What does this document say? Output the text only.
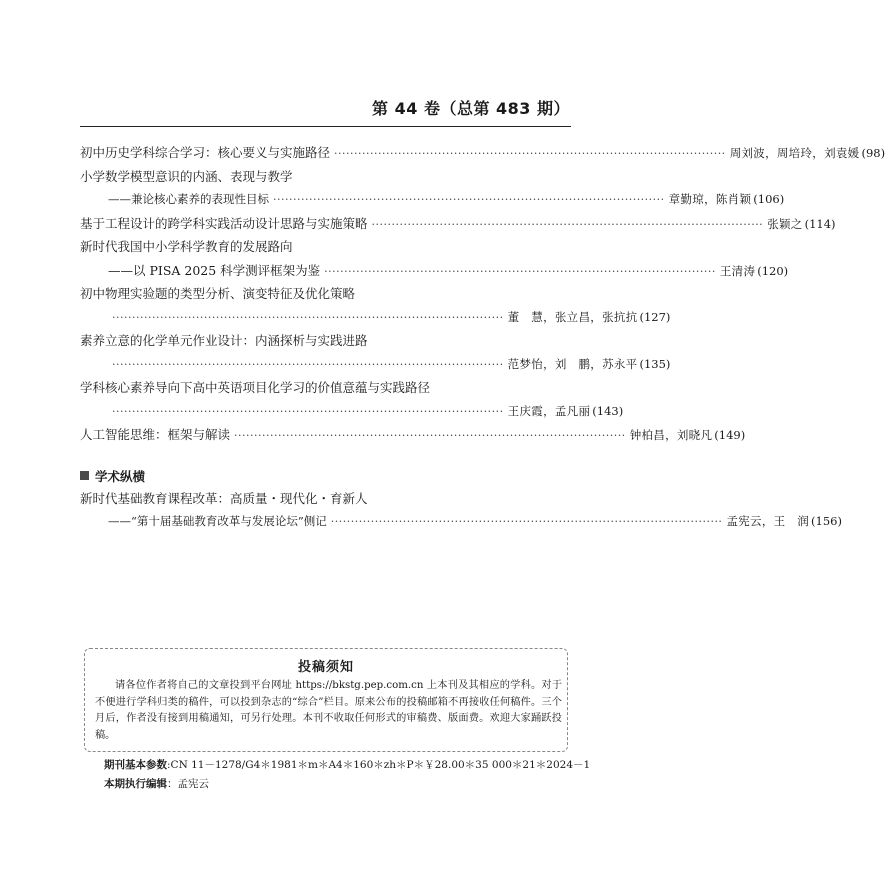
第 44 卷（总第 483 期）
初中历史学科综合学习：核心要义与实施路径 ·································································································· 周刘波，周培玲，刘袁媛 (98)
小学数学模型意识的内涵、表现与教学
——兼论核心素养的表现性目标 ·································································································· 章勤琼，陈肖颖 (106)
基于工程设计的跨学科实践活动设计思路与实施策略 ·································································································· 张颖之 (114)
新时代我国中小学科学教育的发展路向
——以 PISA 2025 科学测评框架为鉴 ·································································································· 王清涛 (120)
初中物理实验题的类型分析、演变特征及优化策略
·································································································· 董　慧，张立昌，张抗抗 (127)
素养立意的化学单元作业设计：内涵探析与实践进路
·································································································· 范梦怡，刘　鹏，苏永平 (135)
学科核心素养导向下高中英语项目化学习的价值意蕴与实践路径
·································································································· 王庆霞，孟凡丽 (143)
人工智能思维：框架与解读 ·································································································· 钟柏昌，刘晓凡 (149)
学术纵横
新时代基础教育课程改革：高质量・现代化・育新人
——“第十届基础教育改革与发展论坛”侧记 ·································································································· 孟宪云，王　润 (156)
投稿须知
请各位作者将自己的文章投到平台网址 https://bkstg.pep.com.cn 上本刊及其相应的学科。对于不便进行学科归类的稿件，可以投到杂志的“综合”栏目。原来公布的投稿邮箱不再接收任何稿件。三个月后，作者没有接到用稿通知，可另行处理。本刊不收取任何形式的审稿费、版面费。欢迎大家踊跃投稿。
期刊基本参数:CN 11－1278/G4＊1981＊m＊A4＊160＊zh＊P＊￥28.00＊35 000＊21＊2024－1
本期执行编辑：孟宪云
